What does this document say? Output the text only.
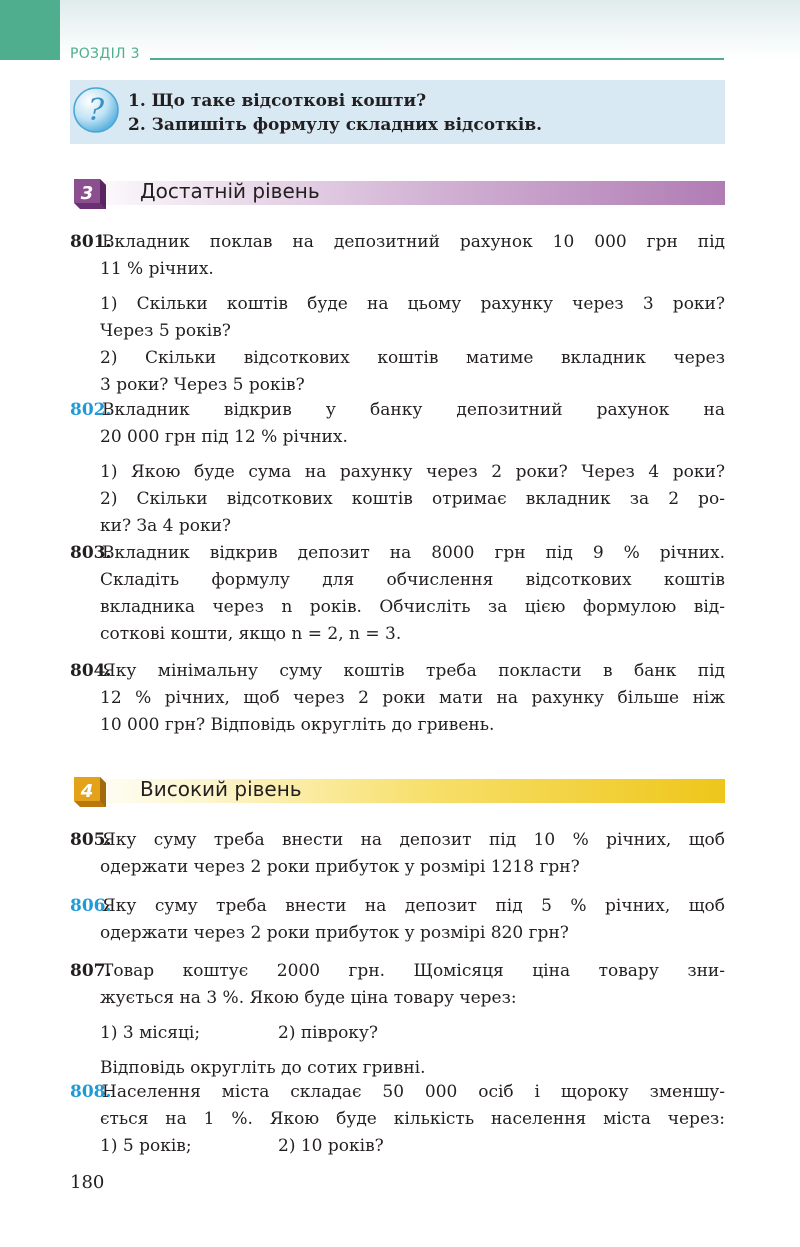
РОЗДІЛ 3
? 1. Що таке відсоткові кошти?
2. Запишіть формулу складних відсотків.
3 Достатній рівень
801.
Вкладник поклав на депозитний рахунок 10 000 грн під
11 % річних.
1) Скільки коштів буде на цьому рахунку через 3 роки?
Через 5 років?
2) Скільки відсоткових коштів матиме вкладник через
3 роки? Через 5 років?
802.
Вкладник відкрив у банку депозитний рахунок на
20 000 грн під 12 % річних.
1) Якою буде сума на рахунку через 2 роки? Через 4 роки?
2) Скільки відсоткових коштів отримає вкладник за 2 ро-
ки? За 4 роки?
803.
Вкладник відкрив депозит на 8000 грн під 9 % річних.
Складіть формулу для обчислення відсоткових коштів
вкладника через n років. Обчисліть за цією формулою від-
соткові кошти, якщо n = 2, n = 3.
804.
Яку мінімальну суму коштів треба покласти в банк під
12 % річних, щоб через 2 роки мати на рахунку більше ніж
10 000 грн? Відповідь округліть до гривень.
4 Високий рівень
805.
Яку суму треба внести на депозит під 10 % річних, щоб
одержати через 2 роки прибуток у розмірі 1218 грн?
806.
Яку суму треба внести на депозит під 5 % річних, щоб
одержати через 2 роки прибуток у розмірі 820 грн?
807.
Товар коштує 2000 грн. Щомісяця ціна товару зни-
жується на 3 %. Якою буде ціна товару через:
1) 3 місяці;	2) півроку?
Відповідь округліть до сотих гривні.
808.
Населення міста складає 50 000 осіб і щороку зменшу-
ється на 1 %. Якою буде кількість населення міста через:
1) 5 років;	2) 10 років?
180
